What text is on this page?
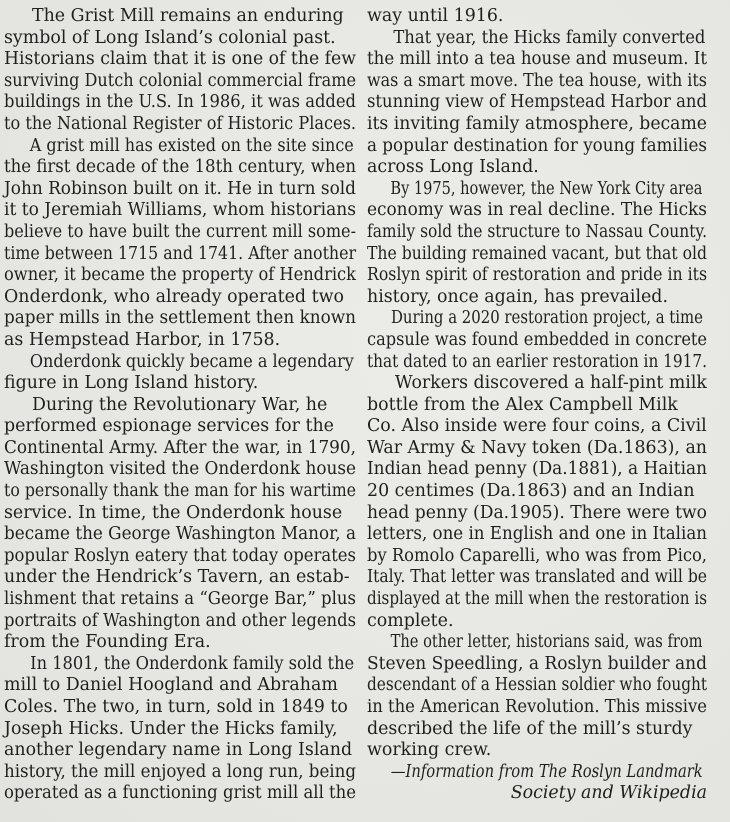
The Grist Mill remains an enduring
symbol of Long Island’s colonial past.
Historians claim that it is one of the few
surviving Dutch colonial commercial frame
buildings in the U.S. In 1986, it was added
to the National Register of Historic Places.
A grist mill has existed on the site since
the first decade of the 18th century, when
John Robinson built on it. He in turn sold
it to Jeremiah Williams, whom historians
believe to have built the current mill some-
time between 1715 and 1741. After another
owner, it became the property of Hendrick
Onderdonk, who already operated two
paper mills in the settlement then known
as Hempstead Harbor, in 1758.
Onderdonk quickly became a legendary
figure in Long Island history.
During the Revolutionary War, he
performed espionage services for the
Continental Army. After the war, in 1790,
Washington visited the Onderdonk house
to personally thank the man for his wartime
service. In time, the Onderdonk house
became the George Washington Manor, a
popular Roslyn eatery that today operates
under the Hendrick’s Tavern, an estab-
lishment that retains a “George Bar,” plus
portraits of Washington and other legends
from the Founding Era.
In 1801, the Onderdonk family sold the
mill to Daniel Hoogland and Abraham
Coles. The two, in turn, sold in 1849 to
Joseph Hicks. Under the Hicks family,
another legendary name in Long Island
history, the mill enjoyed a long run, being
operated as a functioning grist mill all the
way until 1916.
That year, the Hicks family converted
the mill into a tea house and museum. It
was a smart move. The tea house, with its
stunning view of Hempstead Harbor and
its inviting family atmosphere, became
a popular destination for young families
across Long Island.
By 1975, however, the New York City area
economy was in real decline. The Hicks
family sold the structure to Nassau County.
The building remained vacant, but that old
Roslyn spirit of restoration and pride in its
history, once again, has prevailed.
During a 2020 restoration project, a time
capsule was found embedded in concrete
that dated to an earlier restoration in 1917.
Workers discovered a half-pint milk
bottle from the Alex Campbell Milk
Co. Also inside were four coins, a Civil
War Army & Navy token (Da.1863), an
Indian head penny (Da.1881), a Haitian
20 centimes (Da.1863) and an Indian
head penny (Da.1905). There were two
letters, one in English and one in Italian
by Romolo Caparelli, who was from Pico,
Italy. That letter was translated and will be
displayed at the mill when the restoration is
complete.
The other letter, historians said, was from
Steven Speedling, a Roslyn builder and
descendant of a Hessian soldier who fought
in the American Revolution. This missive
described the life of the mill’s sturdy
working crew.
—Information from The Roslyn Landmark
Society and Wikipedia
